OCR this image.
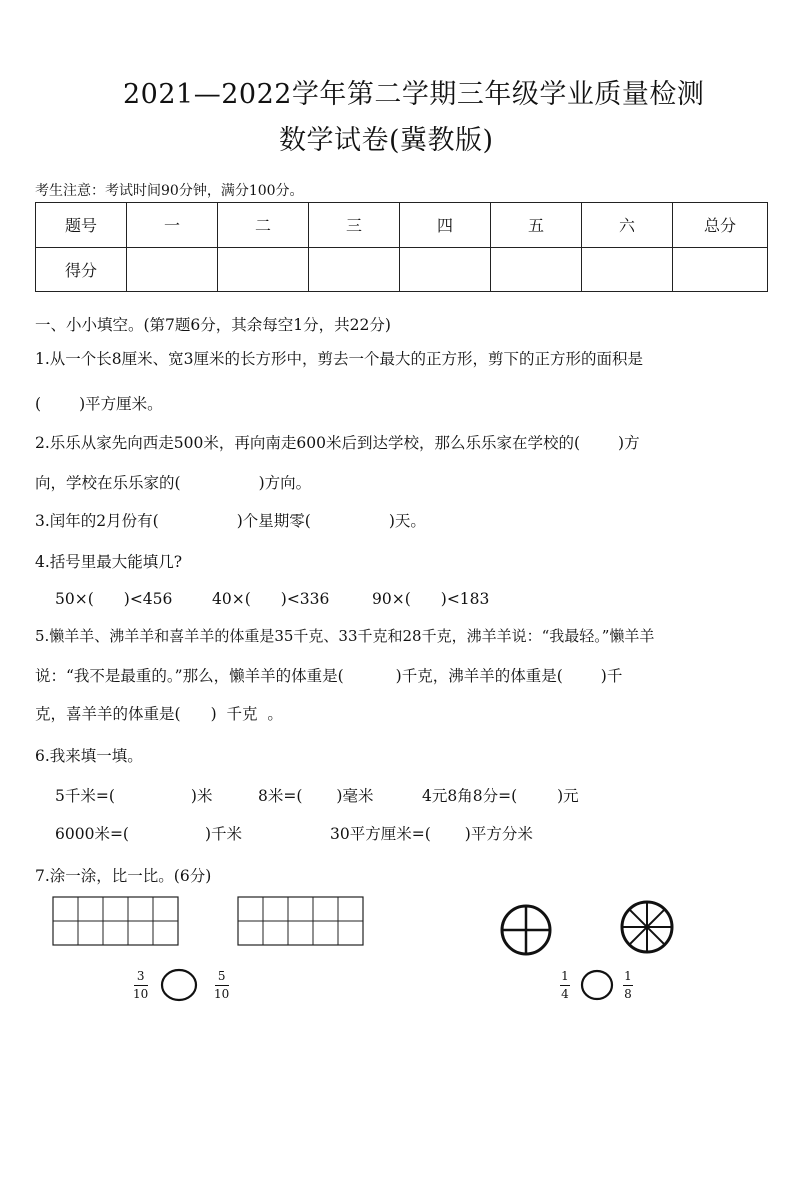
2021—2022学年第二学期三年级学业质量检测
数学试卷(冀教版)
考生注意：考试时间90分钟，满分100分。
题号	一	二	三	四	五	六	总分
得分							
一、小小填空。(第7题6分，其余每空1分，共22分)
1.从一个长8厘米、宽3厘米的长方形中，剪去一个最大的正方形，剪下的正方形的面积是
( )平方厘米。
2.乐乐从家先向西走500米，再向南走600米后到达学校，那么乐乐家在学校的( )方
向，学校在乐乐家的(	)方向。
3.闰年的2月份有(	)个星期零(	)天。
4.括号里最大能填几?
50×( )<456	40×( )<336	90×( )<183
5.懒羊羊、沸羊羊和喜羊羊的体重是35千克、33千克和28千克，沸羊羊说：“我最轻。”懒羊羊
说：“我不是最重的。”那么，懒羊羊的体重是(	)千克，沸羊羊的体重是( )千
克，喜羊羊的体重是( )  千克  。
6.我来填一填。
5千米=(	)米	8米=( )毫米	4元8角8分=(	)元
6000米=(	)千米	30平方厘米=( )平方分米
7.涂一涂，比一比。(6分)
3
10
5
10
1
4
1
8
